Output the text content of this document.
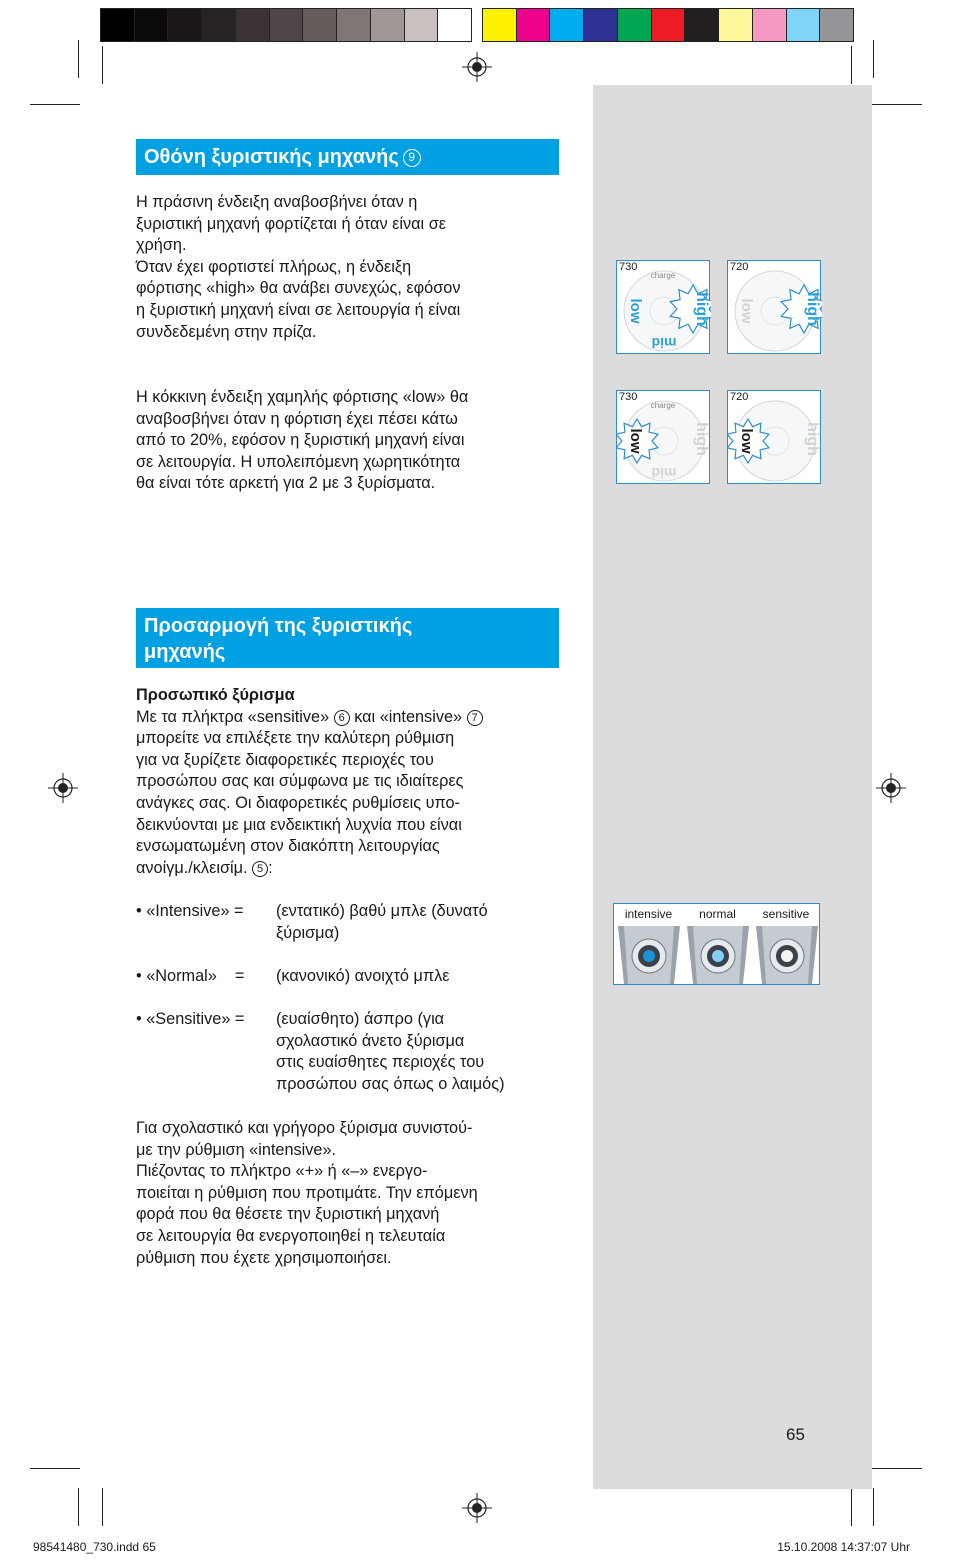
Οθόνη ξυριστικής μηχανής 9
Η πράσινη ένδειξη αναβοσβήνει όταν η
ξυριστική μηχανή φορτίζεται ή όταν είναι σε
χρήση.
Όταν έχει φορτιστεί πλήρως, η ένδειξη
φόρτισης «high» θα ανάβει συνεχώς, εφόσον
η ξυριστική μηχανή είναι σε λειτουργία ή είναι
συνδεδεμένη στην πρίζα.
Η κόκκινη ένδειξη χαμηλής φόρτισης «low» θα
αναβοσβήνει όταν η φόρτιση έχει πέσει κάτω
από το 20%, εφόσον η ξυριστική μηχανή είναι
σε λειτουργία. Η υπολειπόμενη χωρητικότητα
θα είναι τότε αρκετή για 2 με 3 ξυρίσματα.
charge
mid
low	high
730
low	high
720
charge
mid
low	high
730
low	high
720
Προσαρμογή της ξυριστικής
μηχανής
Προσωπικό ξύρισμα
Με τα πλήκτρα «sensitive» 6 και «intensive» 7
μπορείτε να επιλέξετε την καλύτερη ρύθμιση
για να ξυρίζετε διαφορετικές περιοχές του
προσώπου σας και σύμφωνα με τις ιδιαίτερες
ανάγκες σας. Οι διαφορετικές ρυθμίσεις υπο-
δεικνύονται με μια ενδεικτική λυχνία που είναι
ενσωματωμένη στον διακόπτη λειτουργίας
ανοίγμ./κλεισίμ. 5 :
• «Intensive» = (εντατικό) βαθύ μπλε (δυνατό
ξύρισμα)
• «Normal»    = (κανονικό) ανοιχτό μπλε
• «Sensitive» = (ευαίσθητο) άσπρο (για
σχολαστικό άνετο ξύρισμα
στις ευαίσθητες περιοχές του
προσώπου σας όπως ο λαιμός)
Για σχολαστικό και γρήγορο ξύρισμα συνιστού-
με την ρύθμιση «intensive».
Πιέζοντας το πλήκτρο «+» ή «–» ενεργο-
ποιείται η ρύθμιση που προτιμάτε. Την επόμενη
φορά που θα θέσετε την ξυριστική μηχανή
σε λειτουργία θα ενεργοποιηθεί η τελευταία
ρύθμιση που έχετε χρησιμοποιήσει.
intensive	normal	sensitive
65
98541480_730.indd 65	15.10.2008 14:37:07 Uhr
